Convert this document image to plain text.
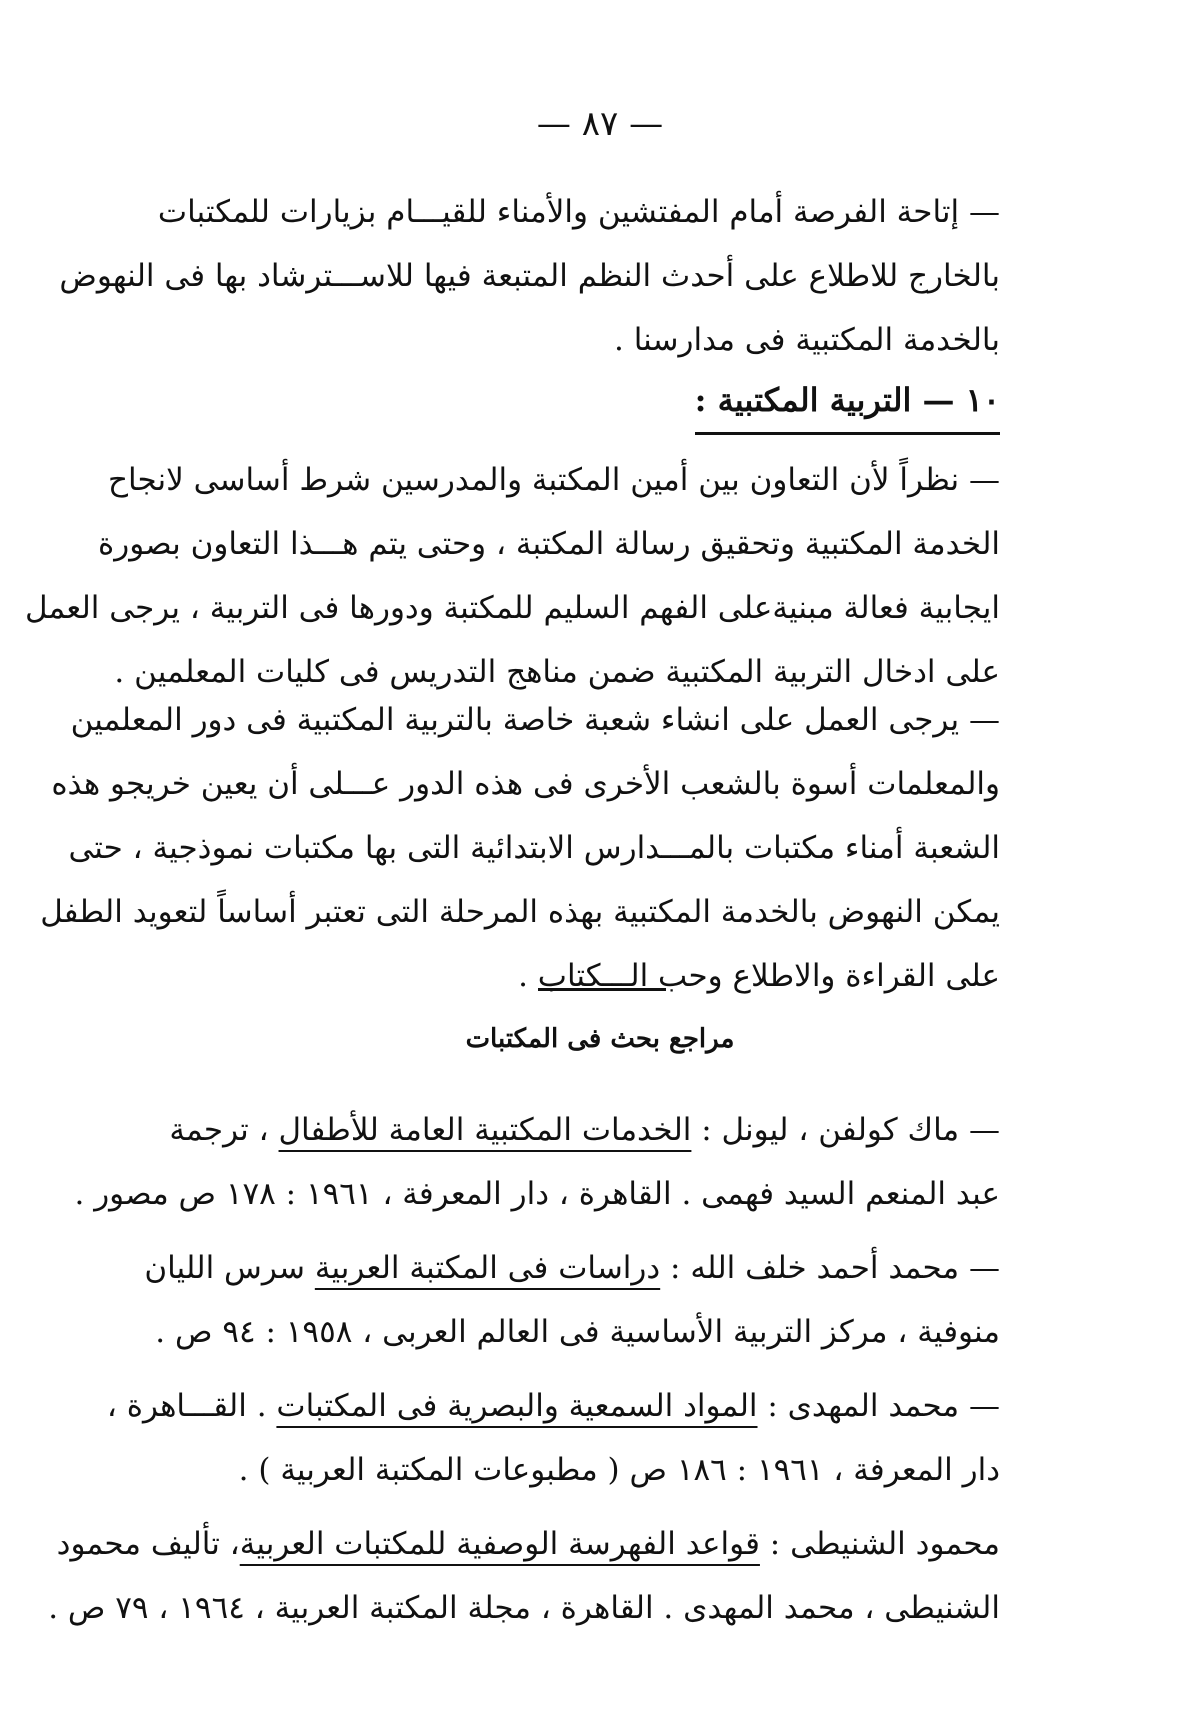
— ٨٧ —
— إتاحة الفرصة أمام المفتشين والأمناء للقيـــام بزيارات للمكتبات
بالخارج للاطلاع على أحدث النظم المتبعة فيها للاســـترشاد بها فى النهوض
بالخدمة المكتبية فى مدارسنا .
١٠ — التربية المكتبية :
— نظراً لأن التعاون بين أمين المكتبة والمدرسين شرط أساسى لانجاح
الخدمة المكتبية وتحقيق رسالة المكتبة ، وحتى يتم هـــذا التعاون بصورة
ايجابية فعالة مبنيةعلى الفهم السليم للمكتبة ودورها فى التربية ، يرجى العمل
على ادخال التربية المكتبية ضمن مناهج التدريس فى كليات المعلمين .
— يرجى العمل على انشاء شعبة خاصة بالتربية المكتبية فى دور المعلمين
والمعلمات أسوة بالشعب الأخرى فى هذه الدور عـــلى أن يعين خريجو هذه
الشعبة أمناء مكتبات بالمـــدارس الابتدائية التى بها مكتبات نموذجية ، حتى
يمكن النهوض بالخدمة المكتبية بهذه المرحلة التى تعتبر أساساً لتعويد الطفل
على القراءة والاطلاع وحب الـــكتاب .
مراجع بحث فى المكتبات
— ماك كولفن ، ليونل : الخدمات المكتبية العامة للأطفال ، ترجمة
عبد المنعم السيد فهمى . القاهرة ، دار المعرفة ، ١٩٦١ : ١٧٨ ص مصور .
— محمد أحمد خلف الله : دراسات فى المكتبة العربية سرس الليان
منوفية ، مركز التربية الأساسية فى العالم العربى ، ١٩٥٨ : ٩٤ ص .
— محمد المهدى : المواد السمعية والبصرية فى المكتبات . القـــاهرة ،
دار المعرفة ، ١٩٦١ : ١٨٦ ص ( مطبوعات المكتبة العربية ) .
محمود الشنيطى : قواعد الفهرسة الوصفية للمكتبات العربية، تأليف محمود
الشنيطى ، محمد المهدى . القاهرة ، مجلة المكتبة العربية ، ١٩٦٤ ، ٧٩ ص .
